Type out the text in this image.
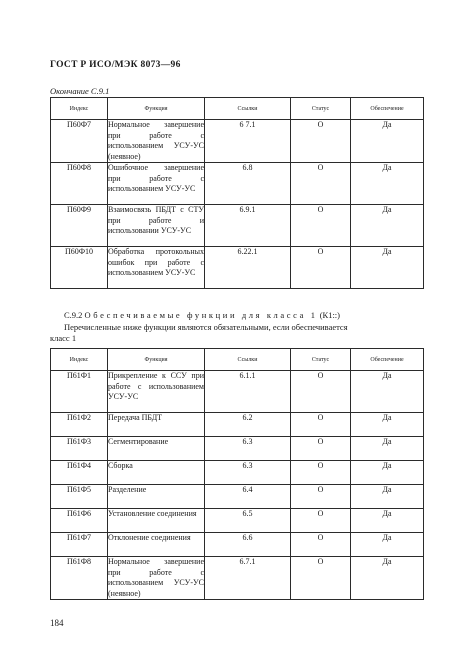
ГОСТ Р ИСО/МЭК 8073—96
Окончание С.9.1
Индекс	Функция	Ссылки	Статус	Обеспечение
П60Ф7	Нормальное завершение при работе с использованием УСУ-УС (неявное)	6 7.1	О	Да
П60Ф8	Ошибочное завершение при работе с использованием УСУ-УС	6.8	О	Да
П60Ф9	Взаимосвязь ПБДТ с СТУ при работе и использовании УСУ-УС	6.9.1	О	Да
П60Ф10	Обработка протокольных ошибок при работе с использованием УСУ-УС	6.22.1	О	Да
С.9.2 Обеспечиваемые функции для класса 1 (К1::)
Перечисленные ниже функции являются обязательными, если обеспечивается
класс 1
Индекс	Функция	Ссылки	Статус	Обеспечение
П61Ф1	Прикрепление к ССУ при работе с использованием УСУ-УС	6.1.1	О	Да
П61Ф2	Передача ПБДТ	6.2	О	Да
П61Ф3	Сегментирование	6.3	О	Да
П61Ф4	Сборка	6.3	О	Да
П61Ф5	Разделение	6.4	О	Да
П61Ф6	Установление соединения	6.5	О	Да
П61Ф7	Отклонение соединения	6.6	О	Да
П61Ф8	Нормальное завершение при работе с использованием УСУ-УС (неявное)	6.7.1	О	Да
184
